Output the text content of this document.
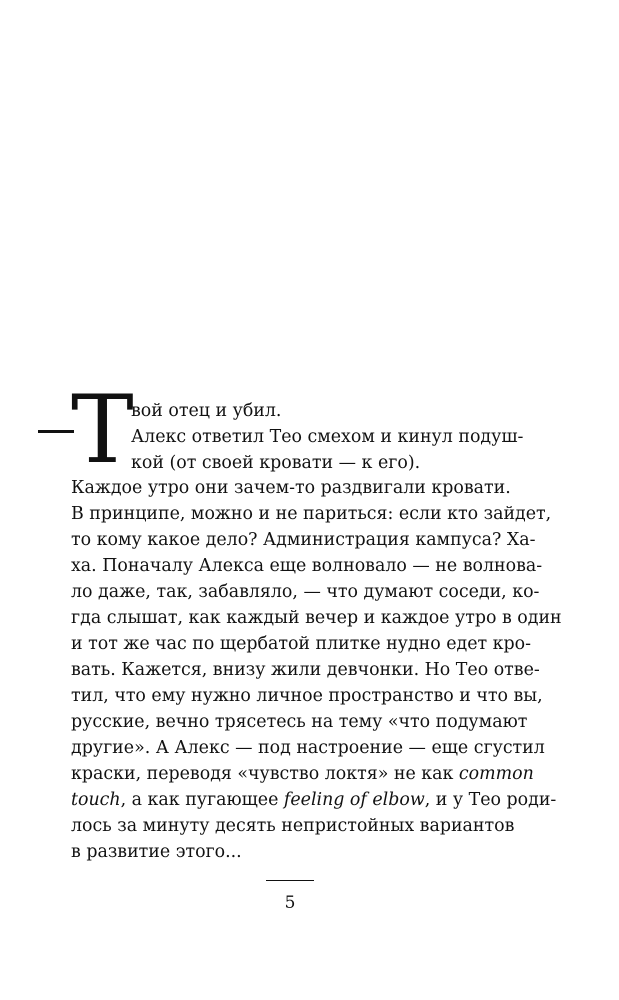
Т
вой отец и убил.
Алекс ответил Тео смехом и кинул подуш-
кой (от своей кровати — к его).
Каждое утро они зачем-то раздвигали кровати.
В принципе, можно и не париться: если кто зайдет,
то кому какое дело? Администрация кампуса? Ха-
ха. Поначалу Алекса еще волновало — не волнова-
ло даже, так, забавляло, — что думают соседи, ко-
гда слышат, как каждый вечер и каждое утро в один
и тот же час по щербатой плитке нудно едет кро-
вать. Кажется, внизу жили девчонки. Но Тео отве-
тил, что ему нужно личное пространство и что вы,
русские, вечно трясетесь на тему «что подумают
другие». А Алекс — под настроение — еще сгустил
краски, переводя «чувство локтя» не как common
touch, а как пугающее feeling of elbow, и у Тео роди-
лось за минуту десять непристойных вариантов
в развитие этого...
5
